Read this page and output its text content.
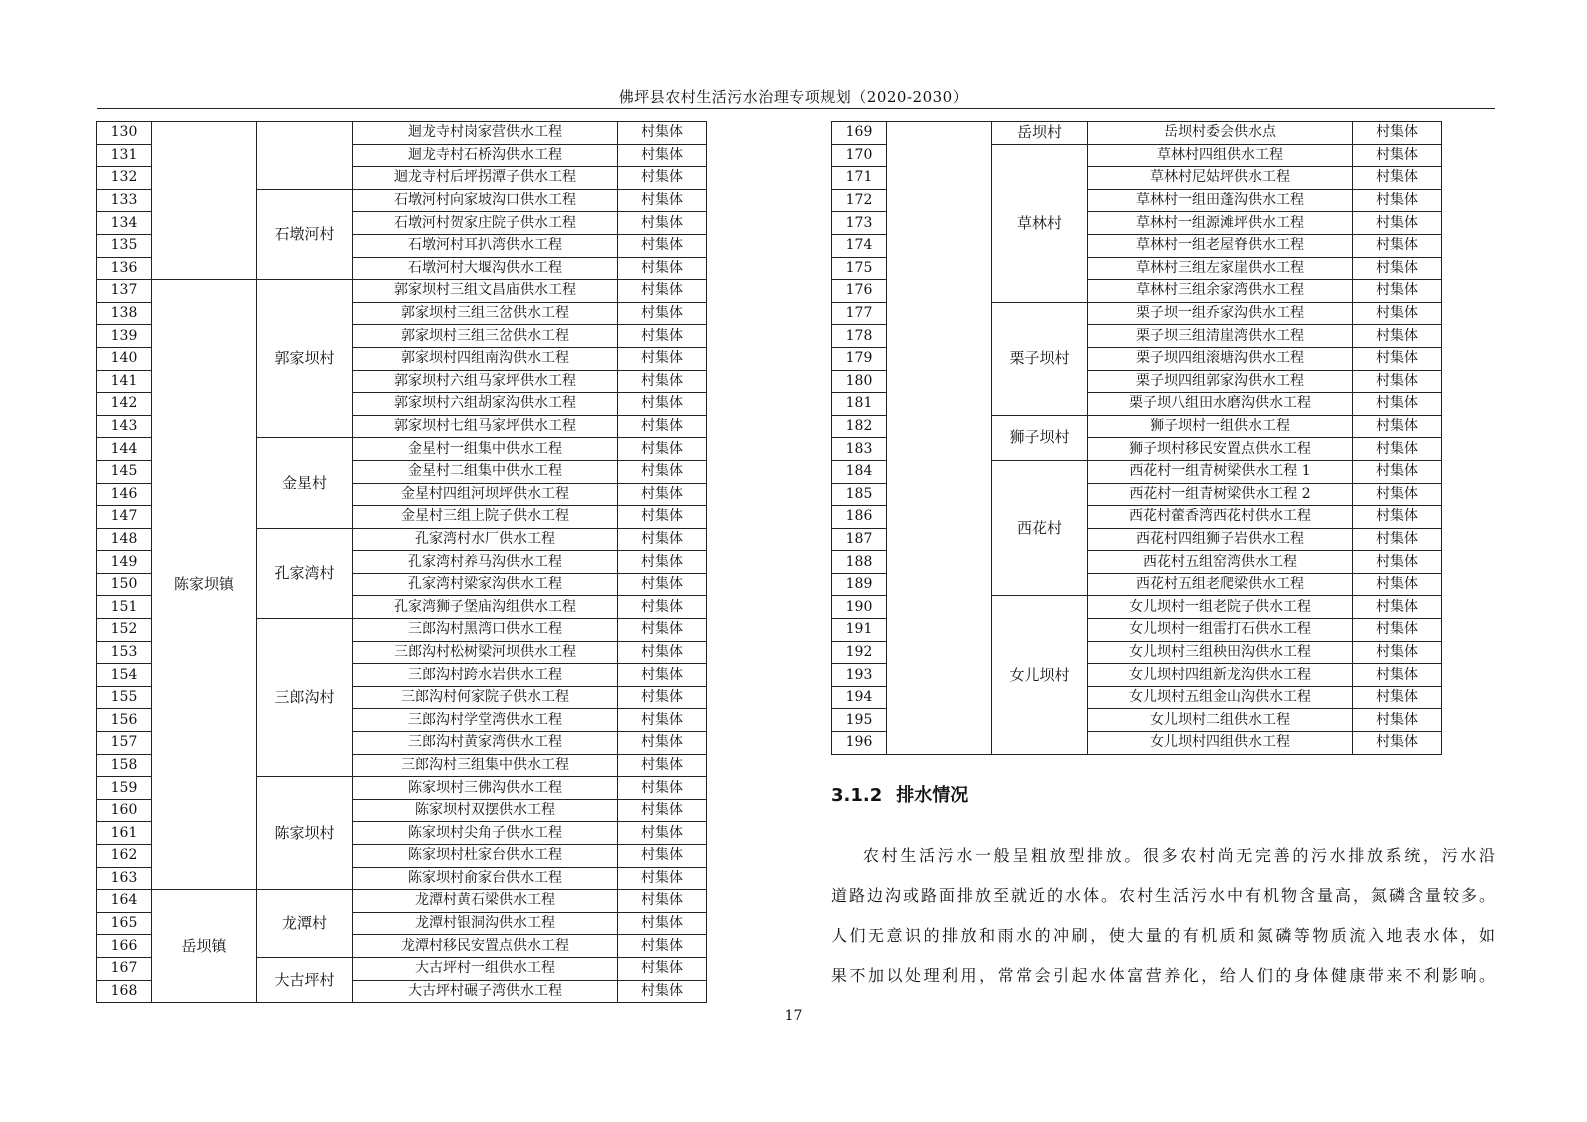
佛坪县农村生活污水治理专项规划（2020-2030）
130			迴龙寺村岗家营供水工程	村集体
131			迴龙寺村石桥沟供水工程	村集体
132			迴龙寺村后坪拐潭子供水工程	村集体
133		石墩河村	石墩河村向家坡沟口供水工程	村集体
134			石墩河村贺家庄院子供水工程	村集体
135			石墩河村耳扒湾供水工程	村集体
136			石墩河村大堰沟供水工程	村集体
137	陈家坝镇	郭家坝村	郭家坝村三组文昌庙供水工程	村集体
138			郭家坝村三组三岔供水工程	村集体
139			郭家坝村三组三岔供水工程	村集体
140			郭家坝村四组南沟供水工程	村集体
141			郭家坝村六组马家坪供水工程	村集体
142			郭家坝村六组胡家沟供水工程	村集体
143			郭家坝村七组马家坪供水工程	村集体
144		金星村	金星村一组集中供水工程	村集体
145			金星村二组集中供水工程	村集体
146			金星村四组河坝坪供水工程	村集体
147			金星村三组上院子供水工程	村集体
148		孔家湾村	孔家湾村水厂供水工程	村集体
149			孔家湾村养马沟供水工程	村集体
150			孔家湾村梁家沟供水工程	村集体
151			孔家湾狮子堡庙沟组供水工程	村集体
152		三郎沟村	三郎沟村黑湾口供水工程	村集体
153			三郎沟村松树梁河坝供水工程	村集体
154			三郎沟村跨水岩供水工程	村集体
155			三郎沟村何家院子供水工程	村集体
156			三郎沟村学堂湾供水工程	村集体
157			三郎沟村黄家湾供水工程	村集体
158			三郎沟村三组集中供水工程	村集体
159		陈家坝村	陈家坝村三佛沟供水工程	村集体
160			陈家坝村双摆供水工程	村集体
161			陈家坝村尖角子供水工程	村集体
162			陈家坝村杜家台供水工程	村集体
163			陈家坝村俞家台供水工程	村集体
164	岳坝镇	龙潭村	龙潭村黄石梁供水工程	村集体
165			龙潭村银洞沟供水工程	村集体
166			龙潭村移民安置点供水工程	村集体
167		大古坪村	大古坪村一组供水工程	村集体
168			大古坪村碾子湾供水工程	村集体
169		岳坝村	岳坝村委会供水点	村集体
170		草林村	草林村四组供水工程	村集体
171			草林村尼姑坪供水工程	村集体
172			草林村一组田蓬沟供水工程	村集体
173			草林村一组源滩坪供水工程	村集体
174			草林村一组老屋脊供水工程	村集体
175			草林村三组左家崖供水工程	村集体
176			草林村三组余家湾供水工程	村集体
177		栗子坝村	栗子坝一组乔家沟供水工程	村集体
178			栗子坝三组清崖湾供水工程	村集体
179			栗子坝四组滚塘沟供水工程	村集体
180			栗子坝四组郭家沟供水工程	村集体
181			栗子坝八组田水磨沟供水工程	村集体
182		狮子坝村	狮子坝村一组供水工程	村集体
183			狮子坝村移民安置点供水工程	村集体
184		西花村	西花村一组青树梁供水工程 1	村集体
185			西花村一组青树梁供水工程 2	村集体
186			西花村藿香湾西花村供水工程	村集体
187			西花村四组狮子岩供水工程	村集体
188			西花村五组窑湾供水工程	村集体
189			西花村五组老爬梁供水工程	村集体
190		女儿坝村	女儿坝村一组老院子供水工程	村集体
191			女儿坝村一组雷打石供水工程	村集体
192			女儿坝村三组秧田沟供水工程	村集体
193			女儿坝村四组新龙沟供水工程	村集体
194			女儿坝村五组金山沟供水工程	村集体
195			女儿坝村二组供水工程	村集体
196			女儿坝村四组供水工程	村集体
3.1.2 排水情况
农村生活污水一般呈粗放型排放。很多农村尚无完善的污水排放系统，污水沿
道路边沟或路面排放至就近的水体。农村生活污水中有机物含量高，氮磷含量较多。
人们无意识的排放和雨水的冲刷，使大量的有机质和氮磷等物质流入地表水体，如
果不加以处理利用，常常会引起水体富营养化，给人们的身体健康带来不利影响。
17
